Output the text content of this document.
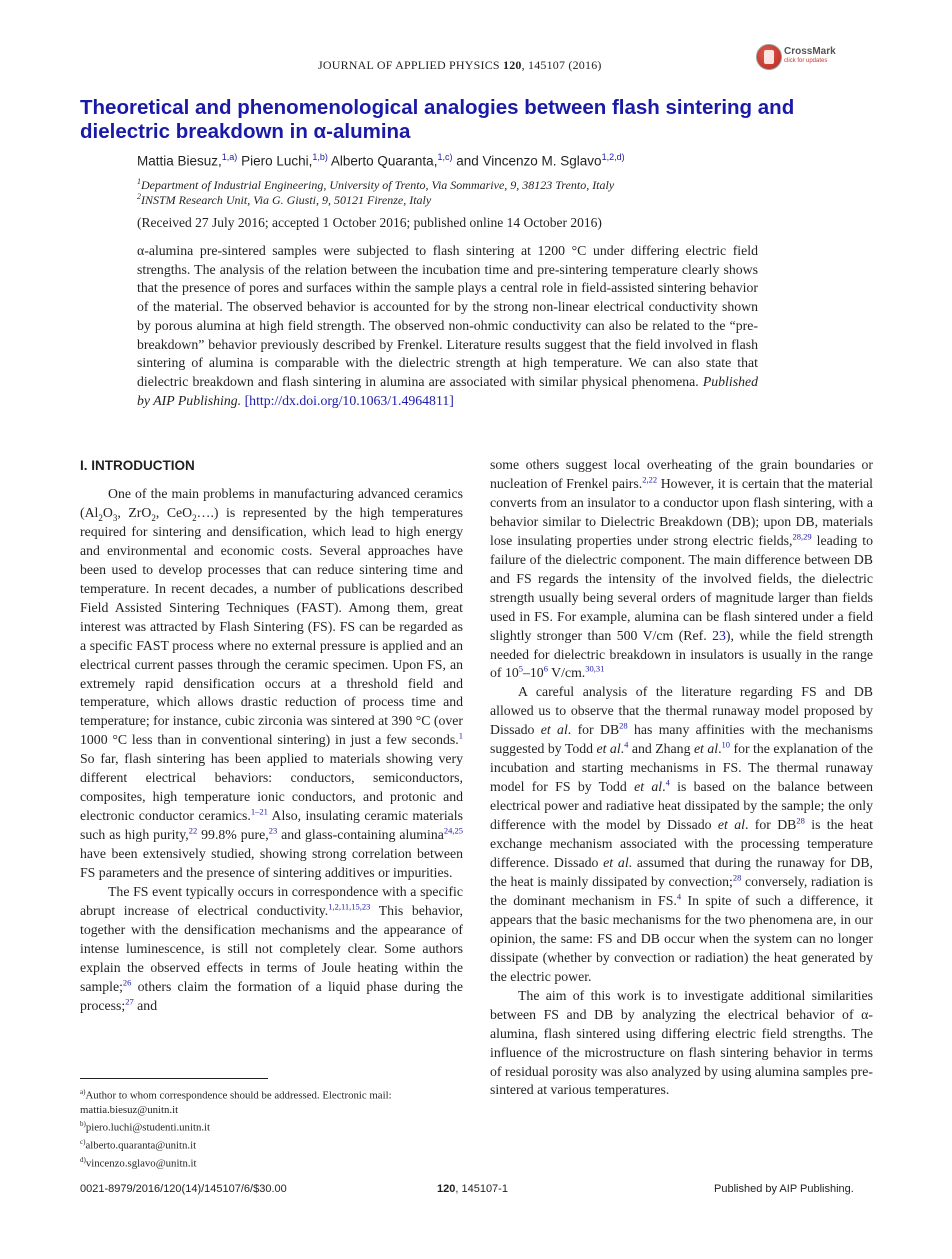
JOURNAL OF APPLIED PHYSICS 120, 145107 (2016)
CrossMark
click for updates
Theoretical and phenomenological analogies between flash sintering and dielectric breakdown in α-alumina
Mattia Biesuz,$^{1,a)}$ Piero Luchi,$^{1,b)}$ Alberto Quaranta,$^{1,c)}$ and Vincenzo M. Sglavo$^{1,2,d)}$
$^1$Department of Industrial Engineering, University of Trento, Via Sommarive, 9, 38123 Trento, Italy
$^2$INSTM Research Unit, Via G. Giusti, 9, 50121 Firenze, Italy
(Received 27 July 2016; accepted 1 October 2016; published online 14 October 2016)
α-alumina pre-sintered samples were subjected to flash sintering at 1200 °C under differing electric field strengths. The analysis of the relation between the incubation time and pre-sintering temperature clearly shows that the presence of pores and surfaces within the sample plays a central role in field-assisted sintering behavior of the material. The observed behavior is accounted for by the strong non-linear electrical conductivity shown by porous alumina at high field strength. The observed non-ohmic conductivity can also be related to the “pre-breakdown” behavior previously described by Frenkel. Literature results suggest that the field involved in flash sintering of alumina is comparable with the dielectric strength at high temperature. We can also state that dielectric breakdown and flash sintering in alumina are associated with similar physical phenomena. Published by AIP Publishing. [http://dx.doi.org/10.1063/1.4964811]
I. INTRODUCTION

One of the main problems in manufacturing advanced ceramics ($Al_2O_3$, ZrO$_2$, CeO$_2$….) is represented by the high temperatures required for sintering and densification, which lead to high energy and environmental and economic costs. Several approaches have been used to develop processes that can reduce sintering time and temperature. In recent decades, a number of publications described Field Assisted Sintering Techniques (FAST). Among them, great interest was attracted by Flash Sintering (FS). FS can be regarded as a specific FAST process where no external pressure is applied and an electrical current passes through the ceramic specimen. Upon FS, an extremely rapid densification occurs at a threshold field and temperature, which allows drastic reduction of process time and temperature; for instance, cubic zirconia was sintered at 390 °C (over 1000 °C less than in conventional sintering) in just a few seconds.$^1$ So far, flash sintering has been applied to materials showing very different electrical behaviors: conductors, semiconductors, composites, high temperature ionic conductors, and protonic and electronic conductor ceramics.$^{1-21}$ Also, insulating ceramic materials such as high purity,$^{22}$ 99.8% pure,$^{23}$ and glass-containing alumina$^{24,25}$ have been extensively studied, showing strong correlation between FS parameters and the presence of sintering additives or impurities.

The FS event typically occurs in correspondence with a specific abrupt increase of electrical conductivity.$^{1,2,11,15,23}$ This behavior, together with the densification mechanisms and the appearance of intense luminescence, is still not completely clear. Some authors explain the observed effects in terms of Joule heating within the sample;$^{26}$ others claim the formation of a liquid phase during the process;$^{27}$ and

some others suggest local overheating of the grain boundaries or nucleation of Frenkel pairs.$^{2,22}$ However, it is certain that the material converts from an insulator to a conductor upon flash sintering, with a behavior similar to Dielectric Breakdown (DB); upon DB, materials lose insulating properties under strong electric fields,$^{28,29}$ leading to failure of the dielectric component. The main difference between DB and FS regards the intensity of the involved fields, the dielectric strength usually being several orders of magnitude larger than fields used in FS. For example, alumina can be flash sintered under a field slightly stronger than 500 V/cm (Ref. 23), while the field strength needed for dielectric breakdown in insulators is usually in the range of $10^5-10^6$ V/cm.$^{30,31}$

A careful analysis of the literature regarding FS and DB allowed us to observe that the thermal runaway model proposed by Dissado et al. for DB$^{28}$ has many affinities with the mechanisms suggested by Todd et al.$^4$ and Zhang et al.$^{10}$ for the explanation of the incubation and starting mechanisms in FS. The thermal runaway model for FS by Todd et al.$^4$ is based on the balance between electrical power and radiative heat dissipated by the sample; the only difference with the model by Dissado et al. for DB$^{28}$ is the heat exchange mechanism associated with the processing temperature difference. Dissado et al. assumed that during the runaway for DB, the heat is mainly dissipated by convection;$^{28}$ conversely, radiation is the dominant mechanism in FS.$^4$ In spite of such a difference, it appears that the basic mechanisms for the two phenomena are, in our opinion, the same: FS and DB occur when the system can no longer dissipate (whether by convection or radiation) the heat generated by the electric power.

The aim of this work is to investigate additional similarities between FS and DB by analyzing the electrical behavior of α-alumina, flash sintered using differing electric field strengths. The influence of the microstructure on flash sintering behavior in terms of residual porosity was also analyzed by using alumina samples pre-sintered at various temperatures.

$^{a)}$Author to whom correspondence should be addressed. Electronic mail: mattia.biesuz@unitn.it
$^{b)}$piero.luchi@studenti.unitn.it
$^{c)}$alberto.quaranta@unitn.it
$^{d)}$vincenzo.sglavo@unitn.it
0021-8979/2016/120(14)/145107/6/$30.00	120, 145107-1	Published by AIP Publishing.
